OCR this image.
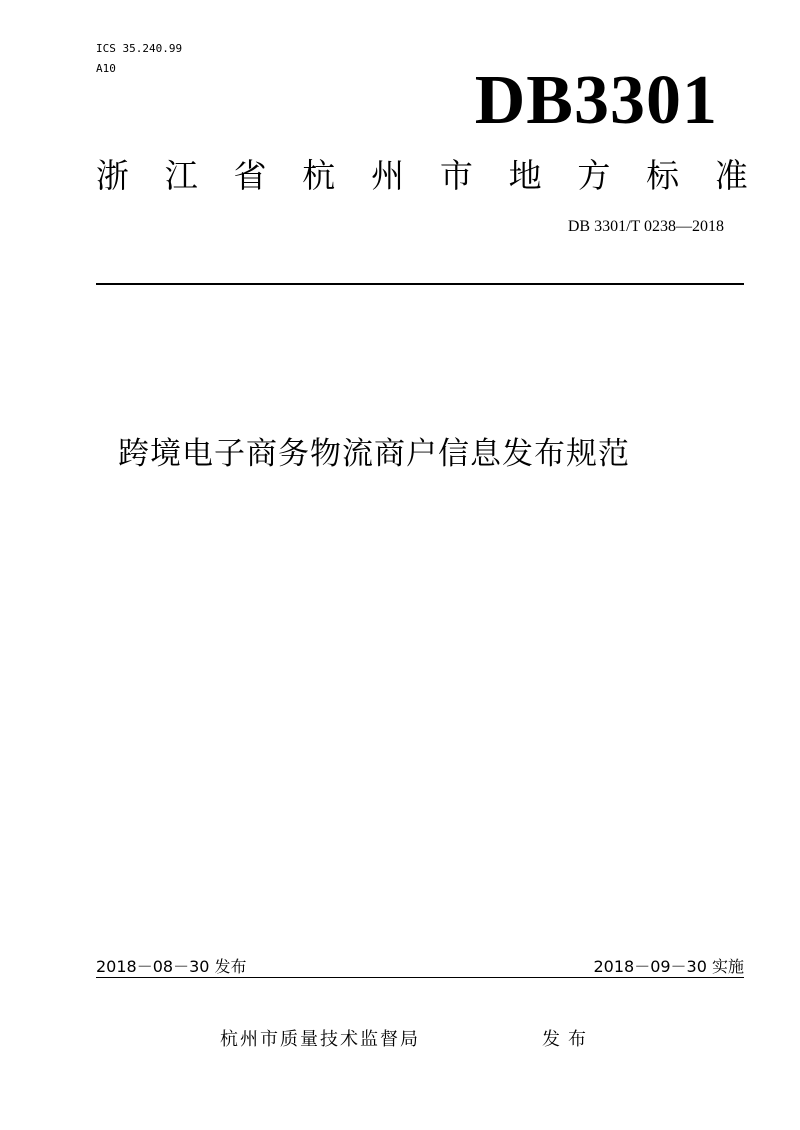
ICS 35.240.99
A10	DB3301
浙 江 省 杭 州 市 地 方 标 准
DB 3301/T 0238—2018
跨境电子商务物流商户信息发布规范
2018－08－30 发布	2018－09－30 实施
杭州市质量技术监督局	发布
